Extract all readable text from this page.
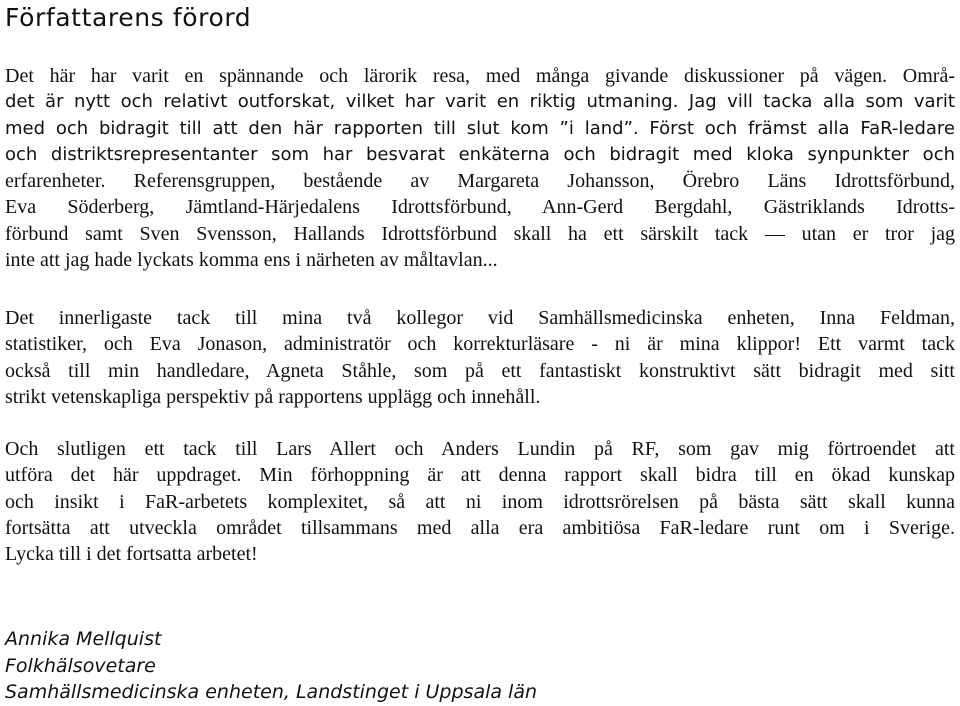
Författarens förord
Det här har varit en spännande och lärorik resa, med många givande diskussioner på vägen. Områ-
det är nytt och relativt outforskat, vilket har varit en riktig utmaning. Jag vill tacka alla som varit
med och bidragit till att den här rapporten till slut kom ”i land”. Först och främst alla FaR-ledare
och distriktsrepresentanter som har besvarat enkäterna och bidragit med kloka synpunkter och
erfarenheter. Referensgruppen, bestående av Margareta Johansson, Örebro Läns Idrottsförbund,
Eva Söderberg, Jämtland-Härjedalens Idrottsförbund, Ann-Gerd Bergdahl, Gästriklands Idrotts-
förbund samt Sven Svensson, Hallands Idrottsförbund skall ha ett särskilt tack — utan er tror jag
inte att jag hade lyckats komma ens i närheten av måltavlan...
Det innerligaste tack till mina två kollegor vid Samhällsmedicinska enheten, Inna Feldman,
statistiker, och Eva Jonason, administratör och korrekturläsare - ni är mina klippor! Ett varmt tack
också till min handledare, Agneta Ståhle, som på ett fantastiskt konstruktivt sätt bidragit med sitt
strikt vetenskapliga perspektiv på rapportens upplägg och innehåll.
Och slutligen ett tack till Lars Allert och Anders Lundin på RF, som gav mig förtroendet att
utföra det här uppdraget. Min förhoppning är att denna rapport skall bidra till en ökad kunskap
och insikt i FaR-arbetets komplexitet, så att ni inom idrottsrörelsen på bästa sätt skall kunna
fortsätta att utveckla området tillsammans med alla era ambitiösa FaR-ledare runt om i Sverige.
Lycka till i det fortsatta arbetet!
Annika Mellquist
Folkhälsovetare
Samhällsmedicinska enheten, Landstinget i Uppsala län
